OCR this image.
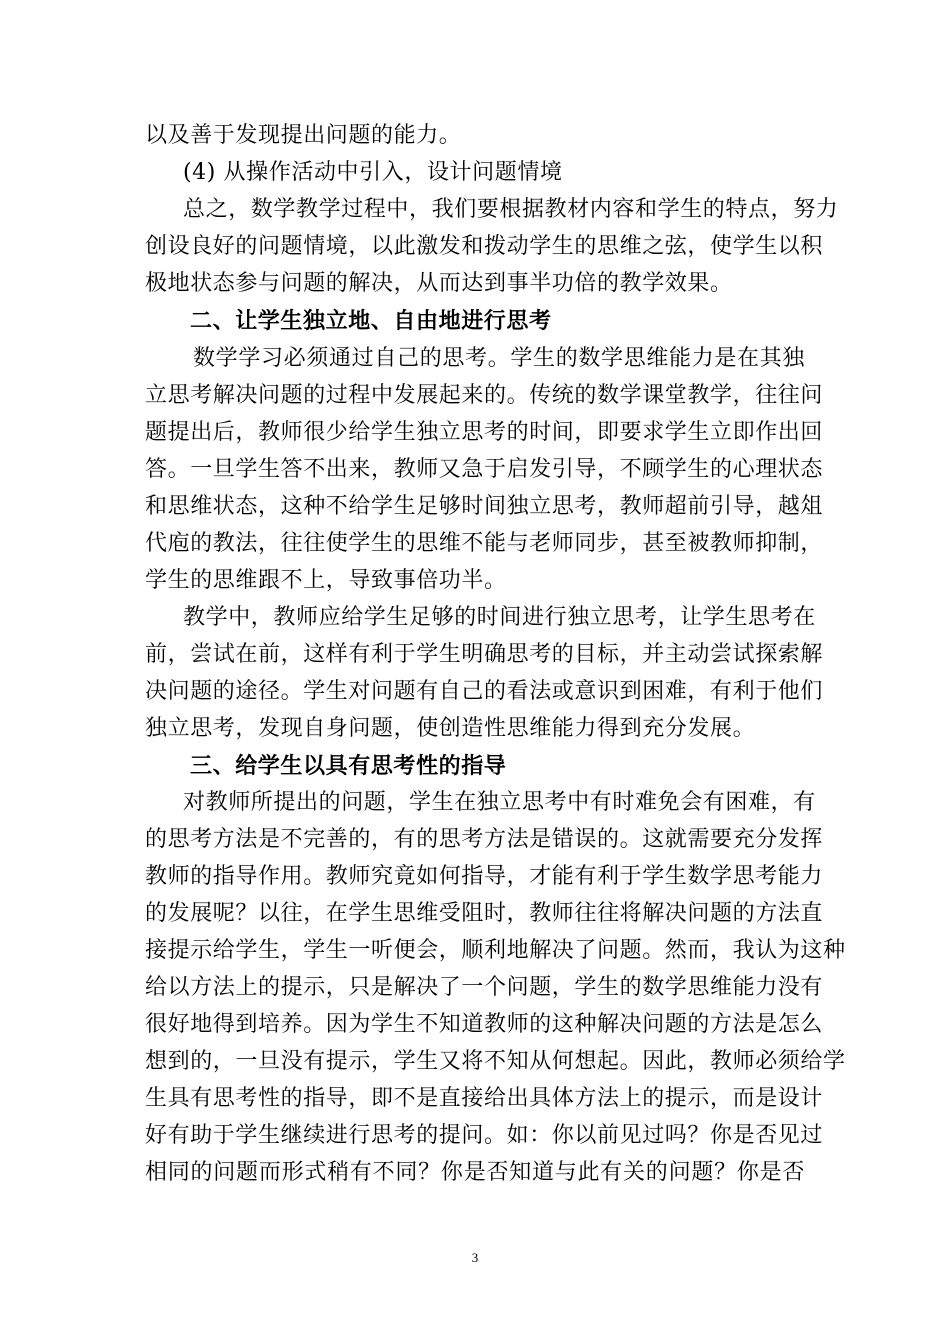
以及善于发现提出问题的能力。
(4) 从操作活动中引入，设计问题情境
总之，数学教学过程中，我们要根据教材内容和学生的特点，努力
创设良好的问题情境，以此激发和拨动学生的思维之弦，使学生以积
极地状态参与问题的解决，从而达到事半功倍的教学效果。
二、让学生独立地、自由地进行思考
数学学习必须通过自己的思考。学生的数学思维能力是在其独
立思考解决问题的过程中发展起来的。传统的数学课堂教学，往往问
题提出后，教师很少给学生独立思考的时间，即要求学生立即作出回
答。一旦学生答不出来，教师又急于启发引导，不顾学生的心理状态
和思维状态，这种不给学生足够时间独立思考，教师超前引导，越俎
代庖的教法，往往使学生的思维不能与老师同步，甚至被教师抑制，
学生的思维跟不上，导致事倍功半。
教学中，教师应给学生足够的时间进行独立思考，让学生思考在
前，尝试在前，这样有利于学生明确思考的目标，并主动尝试探索解
决问题的途径。学生对问题有自己的看法或意识到困难，有利于他们
独立思考，发现自身问题，使创造性思维能力得到充分发展。
三、给学生以具有思考性的指导
对教师所提出的问题，学生在独立思考中有时难免会有困难，有
的思考方法是不完善的，有的思考方法是错误的。这就需要充分发挥
教师的指导作用。教师究竟如何指导，才能有利于学生数学思考能力
的发展呢？以往，在学生思维受阻时，教师往往将解决问题的方法直
接提示给学生，学生一听便会，顺利地解决了问题。然而，我认为这种
给以方法上的提示，只是解决了一个问题，学生的数学思维能力没有
很好地得到培养。因为学生不知道教师的这种解决问题的方法是怎么
想到的，一旦没有提示，学生又将不知从何想起。因此，教师必须给学
生具有思考性的指导，即不是直接给出具体方法上的提示，而是设计
好有助于学生继续进行思考的提问。如：你以前见过吗？你是否见过
相同的问题而形式稍有不同？你是否知道与此有关的问题？你是否
3
